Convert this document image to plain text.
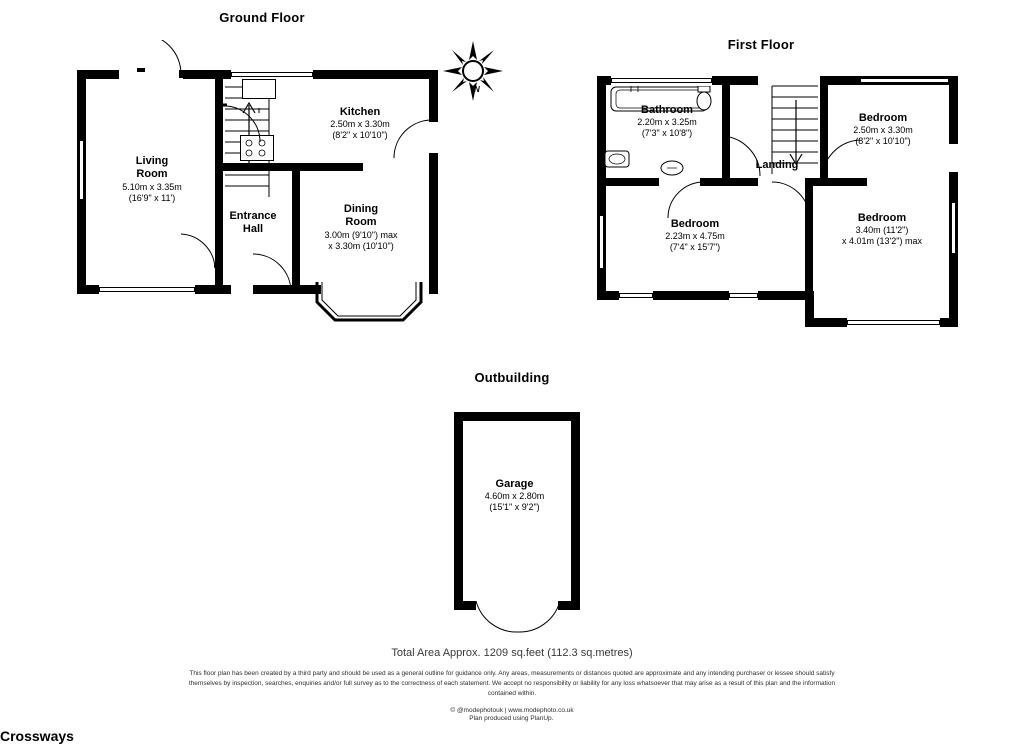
Ground Floor
Living
Room
5.10m x 3.35m
(16'9" x 11')
Kitchen
2.50m x 3.30m
(8'2" x 10'10")
Entrance
Hall
Dining
Room
3.00m (9'10") max
x 3.30m (10'10")
N
First Floor
Bathroom
2.20m x 3.25m
(7'3" x 10'8")
Bedroom
2.50m x 3.30m
(8'2" x 10'10")
Landing
Bedroom
2.23m x 4.75m
(7'4" x 15'7")
Bedroom
3.40m (11'2")
x 4.01m (13'2") max
Outbuilding
Garage
4.60m x 2.80m
(15'1" x 9'2")
Total Area Approx. 1209 sq.feet (112.3 sq.metres)
This floor plan has been created by a third party and should be used as a general outline for guidance only. Any areas, measurements or distances quoted are approximate and any intending purchaser or lessee should satisfy themselves by inspection, searches, enquiries and/or full survey as to the correctness of each statement. We accept no responsibility or liability for any loss whatsoever that may arise as a result of this plan and the information contained within.
© @modephotouk | www.modephoto.co.uk
Plan produced using PlanUp. 
Crossways
